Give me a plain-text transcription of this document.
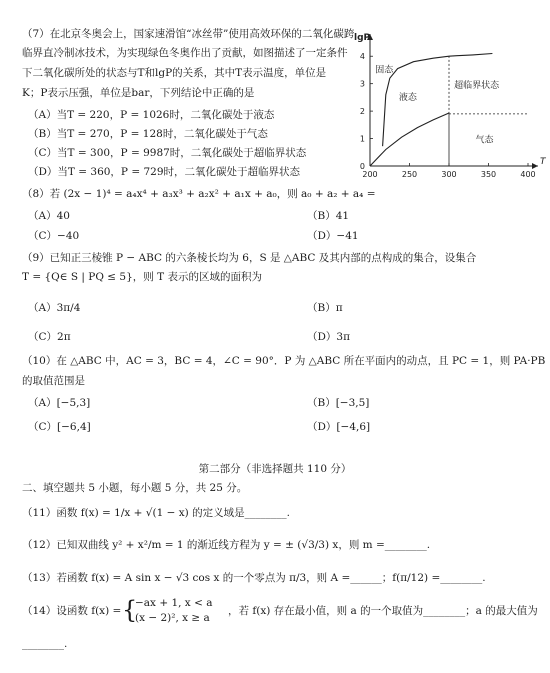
（7）在北京冬奥会上，国家速滑馆“冰丝带”使用高效环保的二氧化碳跨
临界直冷制冰技术，为实现绿色冬奥作出了贡献，如图描述了一定条件
下二氧化碳所处的状态与T和lgP的关系，其中T表示温度，单位是
K；P表示压强，单位是bar，下列结论中正确的是
（A）当T = 220，P = 1026时，二氧化碳处于液态
（B）当T = 270，P = 128时，二氧化碳处于气态
（C）当T = 300，P = 9987时，二氧化碳处于超临界状态
（D）当T = 360，P = 729时，二氧化碳处于超临界状态	200	250	300	350	400
0
1
2
3
4
T
lgP
固态
液态
超临界状态
气态
（8）若 (2x − 1)⁴ = a₄x⁴ + a₃x³ + a₂x² + a₁x + a₀，则 a₀ + a₂ + a₄ =
（A）40	（B）41
（C）−40	（D）−41
（9）已知正三棱锥 P − ABC 的六条棱长均为 6，S 是 △ABC 及其内部的点构成的集合，设集合
T = {Q∈ S | PQ ≤ 5}，则 T 表示的区域的面积为
（A）3π/4	（B）π
（C）2π	（D）3π
（10）在 △ABC 中，AC = 3，BC = 4，∠C = 90°．P 为 △ABC 所在平面内的动点，且 PC = 1，则 PA·PB
的取值范围是
（A）[−5,3]	（B）[−3,5]
（C）[−6,4]	（D）[−4,6]
第二部分（非选择题共 110 分）
二、填空题共 5 小题，每小题 5 分，共 25 分。
（11）函数 f(x) = 1/x + √(1 − x) 的定义域是________.
（12）已知双曲线 y² + x²/m = 1 的渐近线方程为 y = ± (√3/3) x，则 m =________.
（13）若函数 f(x) = A sin x − √3 cos x 的一个零点为 π/3，则 A =______；f(π/12) =________.
（14）设函数 f(x) = {
−ax + 1, x < a
(x − 2)², x ≥ a
，若 f(x) 存在最小值，则 a 的一个取值为________；a 的最大值为
________.
